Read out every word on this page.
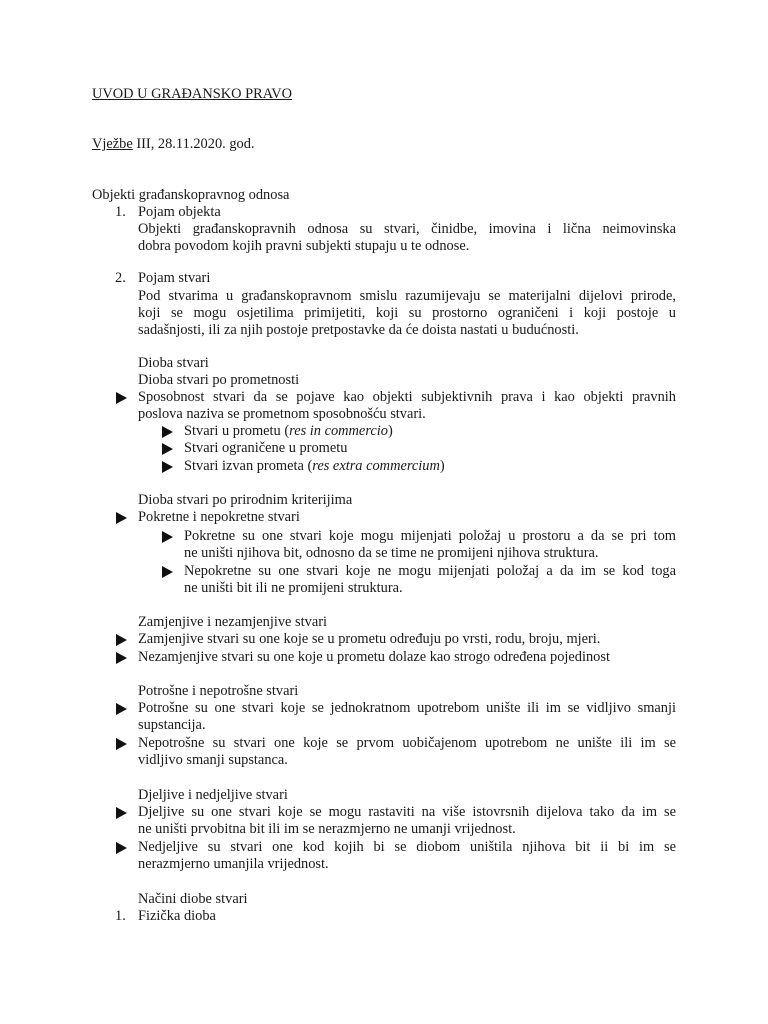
UVOD U GRAĐANSKO PRAVO
Vježbe III, 28.11.2020. god.
Objekti građanskopravnog odnosa
1. Pojam objekta
Objekti građanskopravnih odnosa su stvari, činidbe, imovina i lična neimovinska
dobra povodom kojih pravni subjekti stupaju u te odnose.
2. Pojam stvari
Pod stvarima u građanskopravnom smislu razumijevaju se materijalni dijelovi prirode,
koji se mogu osjetilima primijetiti, koji su prostorno ograničeni i koji postoje u
sadašnjosti, ili za njih postoje pretpostavke da će doista nastati u budućnosti.
Dioba stvari
Dioba stvari po prometnosti
Sposobnost stvari da se pojave kao objekti subjektivnih prava i kao objekti pravnih
poslova naziva se prometnom sposobnošću stvari.
Stvari u prometu (res in commercio)
Stvari ograničene u prometu
Stvari izvan prometa (res extra commercium)
Dioba stvari po prirodnim kriterijima
Pokretne i nepokretne stvari
Pokretne su one stvari koje mogu mijenjati položaj u prostoru a da se pri tom
ne uništi njihova bit, odnosno da se time ne promijeni njihova struktura.
Nepokretne su one stvari koje ne mogu mijenjati položaj a da im se kod toga
ne uništi bit ili ne promijeni struktura.
Zamjenjive i nezamjenjive stvari
Zamjenjive stvari su one koje se u prometu određuju po vrsti, rodu, broju, mjeri.
Nezamjenjive stvari su one koje u prometu dolaze kao strogo određena pojedinost
Potrošne i nepotrošne stvari
Potrošne su one stvari koje se jednokratnom upotrebom unište ili im se vidljivo smanji
supstancija.
Nepotrošne su stvari one koje se prvom uobičajenom upotrebom ne unište ili im se
vidljivo smanji supstanca.
Djeljive i nedjeljive stvari
Djeljive su one stvari koje se mogu rastaviti na više istovrsnih dijelova tako da im se
ne uništi prvobitna bit ili im se nerazmjerno ne umanji vrijednost.
Nedjeljive su stvari one kod kojih bi se diobom uništila njihova bit ii bi im se
nerazmjerno umanjila vrijednost.
Načini diobe stvari
1. Fizička dioba
